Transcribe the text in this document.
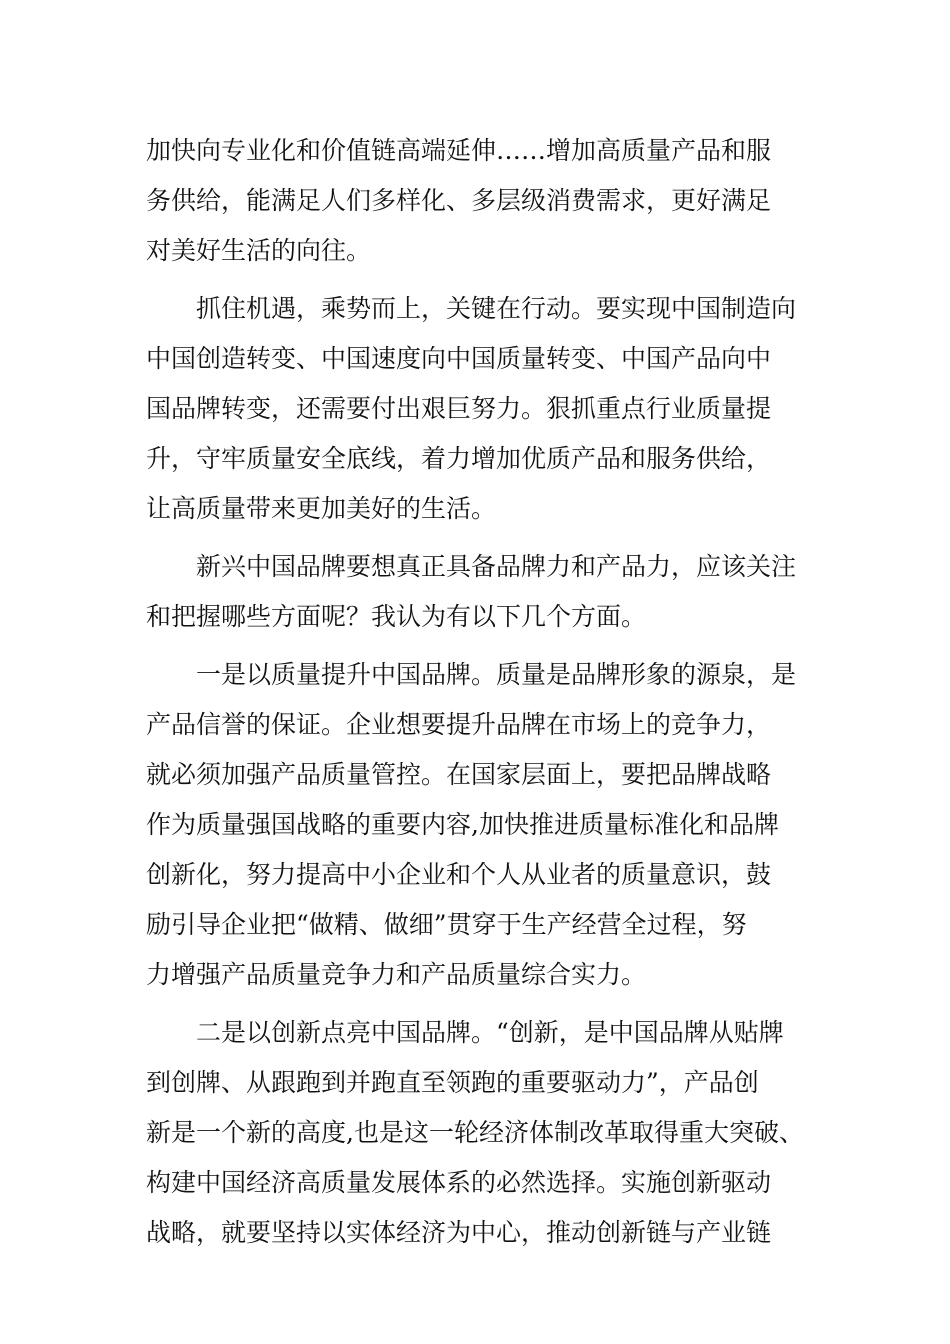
加快向专业化和价值链高端延伸……增加高质量产品和服
务供给，能满足人们多样化、多层级消费需求，更好满足
对美好生活的向往。
　　抓住机遇，乘势而上，关键在行动。要实现中国制造向
中国创造转变、中国速度向中国质量转变、中国产品向中
国品牌转变，还需要付出艰巨努力。狠抓重点行业质量提
升，守牢质量安全底线，着力增加优质产品和服务供给，
让高质量带来更加美好的生活。
　　新兴中国品牌要想真正具备品牌力和产品力，应该关注
和把握哪些方面呢？我认为有以下几个方面。
　　一是以质量提升中国品牌。质量是品牌形象的源泉，是
产品信誉的保证。企业想要提升品牌在市场上的竞争力，
就必须加强产品质量管控。在国家层面上，要把品牌战略
作为质量强国战略的重要内容,加快推进质量标准化和品牌
创新化，努力提高中小企业和个人从业者的质量意识，鼓
励引导企业把“做精、做细”贯穿于生产经营全过程，努
力增强产品质量竞争力和产品质量综合实力。
　　二是以创新点亮中国品牌。“创新，是中国品牌从贴牌
到创牌、从跟跑到并跑直至领跑的重要驱动力”，产品创
新是一个新的高度,也是这一轮经济体制改革取得重大突破、
构建中国经济高质量发展体系的必然选择。实施创新驱动
战略，就要坚持以实体经济为中心，推动创新链与产业链
